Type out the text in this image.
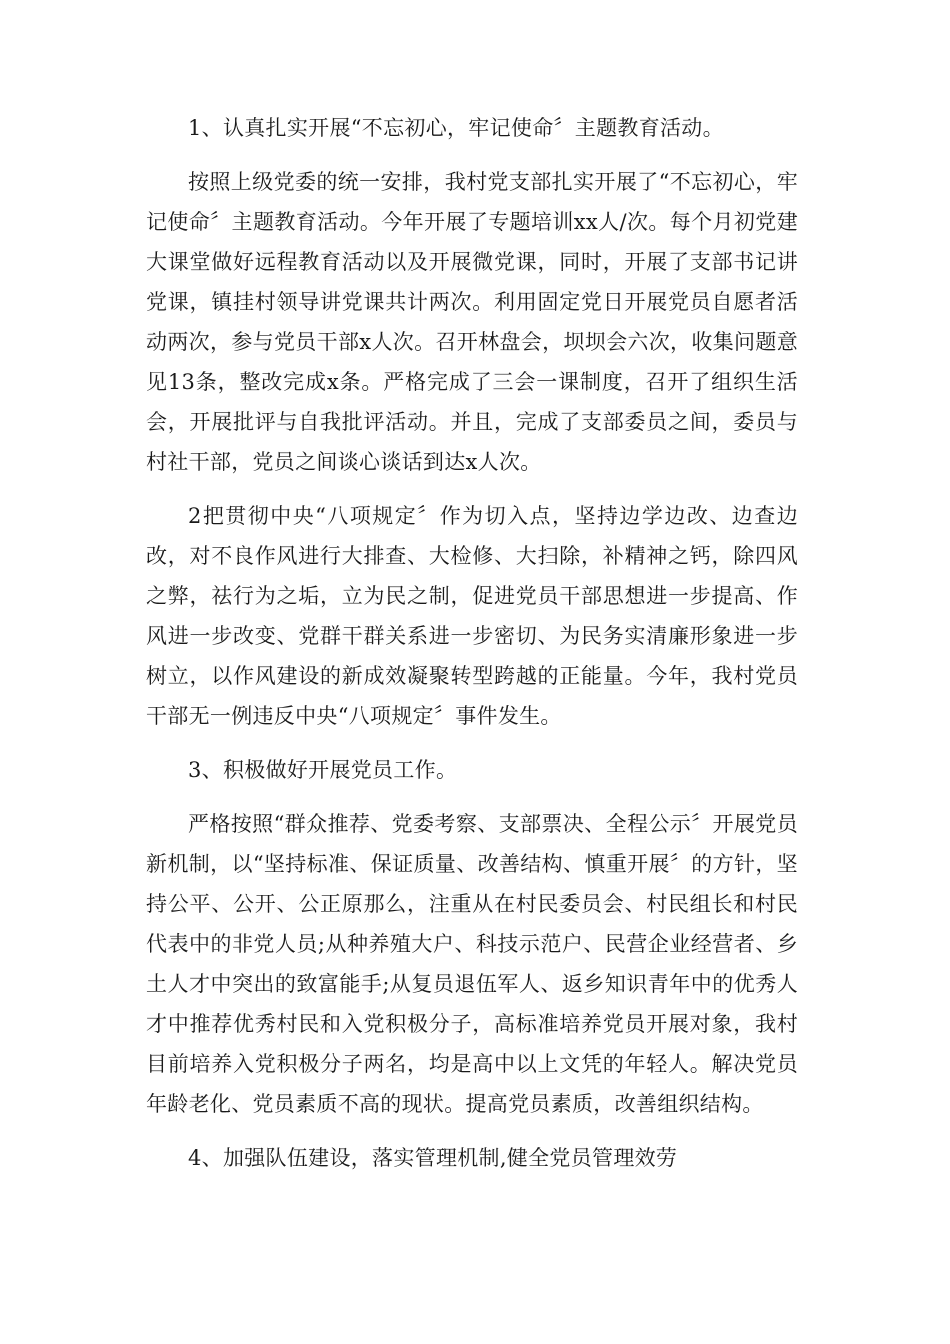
1、认真扎实开展“不忘初心，牢记使命〞主题教育活动。

按照上级党委的统一安排，我村党支部扎实开展了“不忘初心，牢记使命〞主题教育活动。今年开展了专题培训xx人/次。每个月初党建大课堂做好远程教育活动以及开展微党课，同时，开展了支部书记讲党课，镇挂村领导讲党课共计两次。利用固定党日开展党员自愿者活动两次，参与党员干部x人次。召开林盘会，坝坝会六次，收集问题意见13条，整改完成x条。严格完成了三会一课制度，召开了组织生活会，开展批评与自我批评活动。并且，完成了支部委员之间，委员与村社干部，党员之间谈心谈话到达x人次。

2把贯彻中央“八项规定〞作为切入点，坚持边学边改、边查边改，对不良作风进行大排查、大检修、大扫除，补精神之钙，除四风之弊，祛行为之垢，立为民之制，促进党员干部思想进一步提高、作风进一步改变、党群干群关系进一步密切、为民务实清廉形象进一步树立，以作风建设的新成效凝聚转型跨越的正能量。今年，我村党员干部无一例违反中央“八项规定〞事件发生。

3、积极做好开展党员工作。

严格按照“群众推荐、党委考察、支部票决、全程公示〞开展党员新机制，以“坚持标准、保证质量、改善结构、慎重开展〞的方针，坚持公平、公开、公正原那么，注重从在村民委员会、村民组长和村民代表中的非党人员;从种养殖大户、科技示范户、民营企业经营者、乡土人才中突出的致富能手;从复员退伍军人、返乡知识青年中的优秀人才中推荐优秀村民和入党积极分子，高标准培养党员开展对象，我村目前培养入党积极分子两名，均是高中以上文凭的年轻人。解决党员年龄老化、党员素质不高的现状。提高党员素质，改善组织结构。

4、加强队伍建设，落实管理机制,健全党员管理效劳
